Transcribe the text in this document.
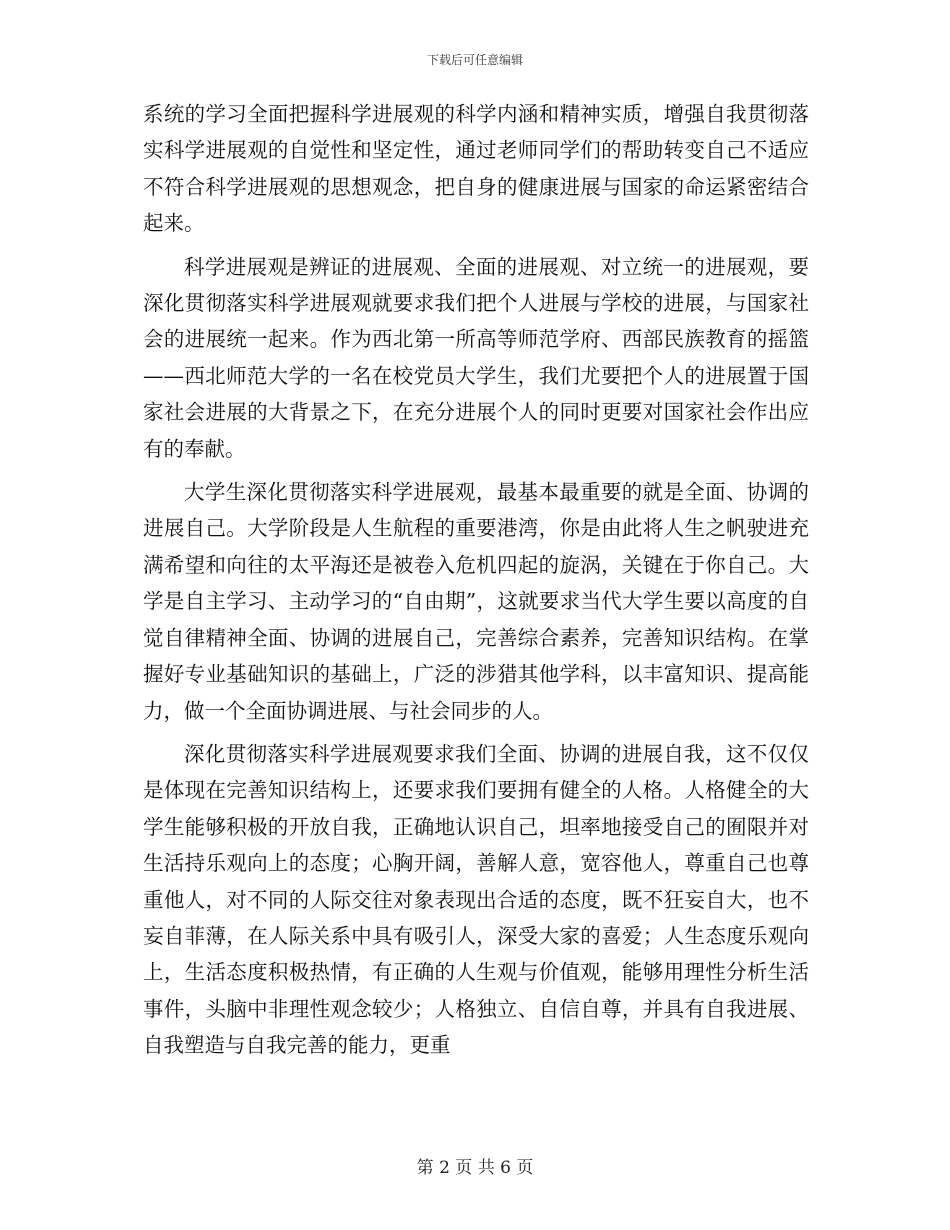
下载后可任意编辑

系统的学习全面把握科学进展观的科学内涵和精神实质，增强自我贯彻落实科学进展观的自觉性和坚定性，通过老师同学们的帮助转变自己不适应不符合科学进展观的思想观念，把自身的健康进展与国家的命运紧密结合起来。

科学进展观是辨证的进展观、全面的进展观、对立统一的进展观，要深化贯彻落实科学进展观就要求我们把个人进展与学校的进展，与国家社会的进展统一起来。作为西北第一所高等师范学府、西部民族教育的摇篮——西北师范大学的一名在校党员大学生，我们尤要把个人的进展置于国家社会进展的大背景之下，在充分进展个人的同时更要对国家社会作出应有的奉献。

大学生深化贯彻落实科学进展观，最基本最重要的就是全面、协调的进展自己。大学阶段是人生航程的重要港湾，你是由此将人生之帆驶进充满希望和向往的太平海还是被卷入危机四起的旋涡，关键在于你自己。大学是自主学习、主动学习的“自由期”，这就要求当代大学生要以高度的自觉自律精神全面、协调的进展自己，完善综合素养，完善知识结构。在掌握好专业基础知识的基础上，广泛的涉猎其他学科，以丰富知识、提高能力，做一个全面协调进展、与社会同步的人。

深化贯彻落实科学进展观要求我们全面、协调的进展自我，这不仅仅是体现在完善知识结构上，还要求我们要拥有健全的人格。人格健全的大学生能够积极的开放自我，正确地认识自己，坦率地接受自己的囿限并对生活持乐观向上的态度；心胸开阔，善解人意，宽容他人，尊重自己也尊重他人，对不同的人际交往对象表现出合适的态度，既不狂妄自大，也不妄自菲薄，在人际关系中具有吸引人，深受大家的喜爱；人生态度乐观向上，生活态度积极热情，有正确的人生观与价值观，能够用理性分析生活事件，头脑中非理性观念较少；人格独立、自信自尊，并具有自我进展、自我塑造与自我完善的能力，更重

第 2 页 共 6 页
